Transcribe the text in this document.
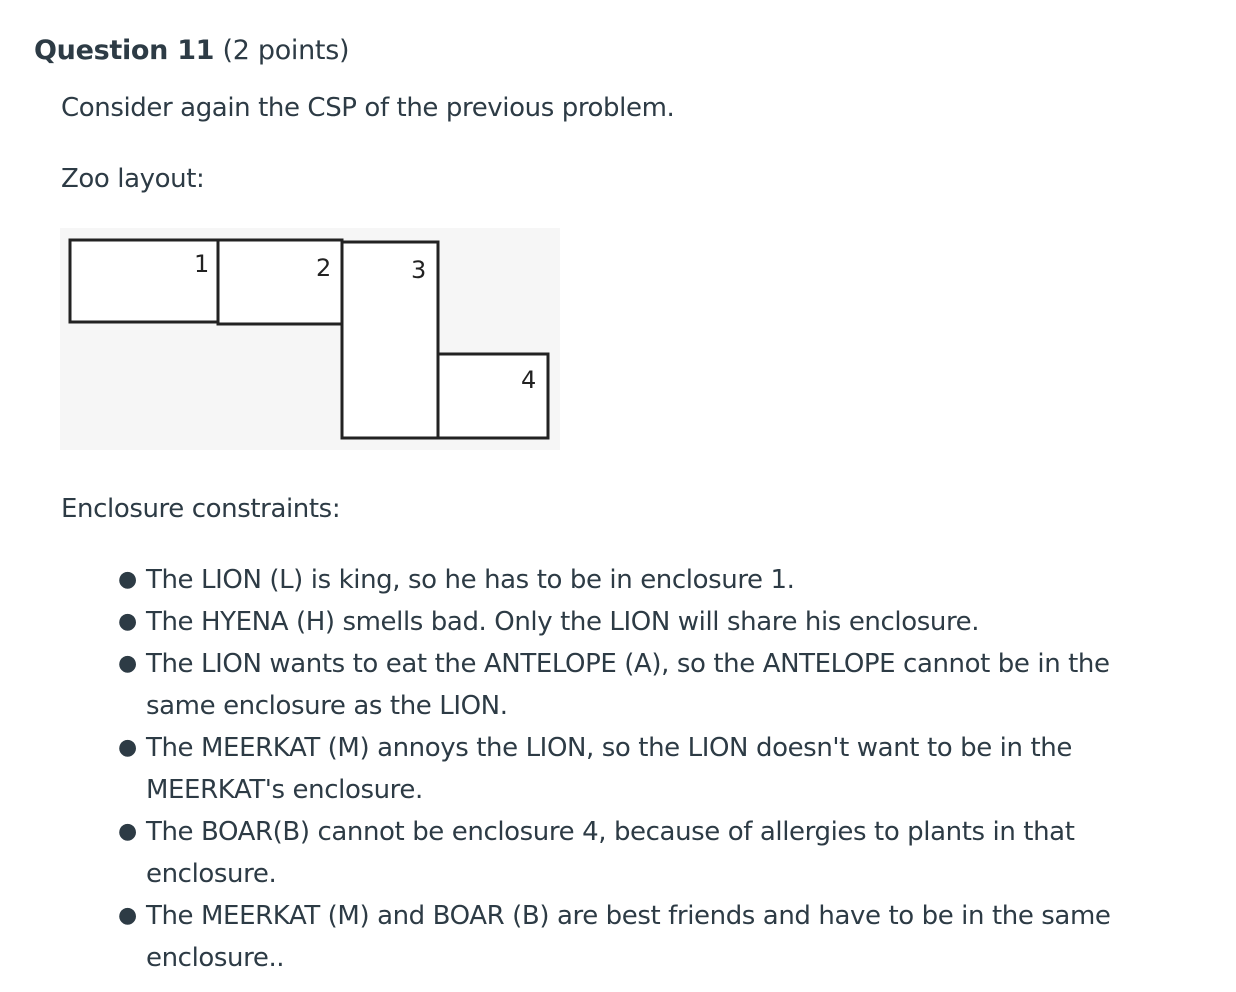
Question 11 (2 points)
Consider again the CSP of the previous problem.
Zoo layout:
1	2	3
4
Enclosure constraints:
● The LION (L) is king, so he has to be in enclosure 1.
● The HYENA (H) smells bad. Only the LION will share his enclosure.
● The LION wants to eat the ANTELOPE (A), so the ANTELOPE cannot be in the
same enclosure as the LION.
● The MEERKAT (M) annoys the LION, so the LION doesn't want to be in the
MEERKAT's enclosure.
● The BOAR(B) cannot be enclosure 4, because of allergies to plants in that
enclosure.
● The MEERKAT (M) and BOAR (B) are best friends and have to be in the same
enclosure..
